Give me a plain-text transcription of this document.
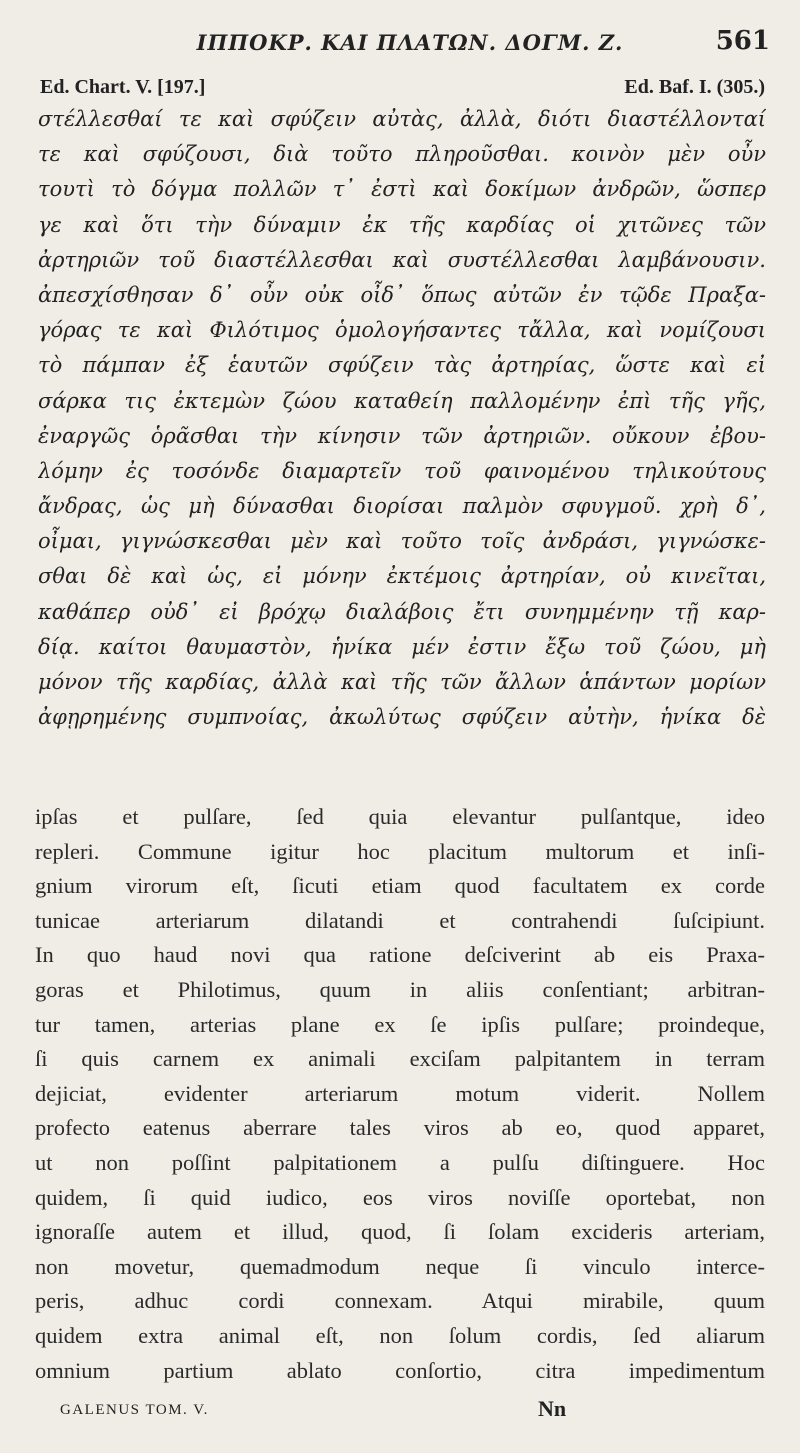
ΙΠΠΟΚΡ. ΚΑΙ ΠΛΑΤΩΝ. ΔΟΓΜ. Ζ.	561
Ed. Chart. V. [197.]	Ed. Baf. I. (305.)
στέλλεσθαί τε καὶ σφύζειν αὐτὰς, ἀλλὰ, διότι διαστέλλονταί
τε καὶ σφύζουσι, διὰ τοῦτο πληροῦσθαι. κοινὸν μὲν οὖν
τουτὶ τὸ δόγμα πολλῶν τ᾿ ἐστὶ καὶ δοκίμων ἀνδρῶν, ὥσπερ
γε καὶ ὅτι τὴν δύναμιν ἐκ τῆς καρδίας οἱ χιτῶνες τῶν
ἀρτηριῶν τοῦ διαστέλλεσθαι καὶ συστέλλεσθαι λαμβάνουσιν.
ἀπεσχίσθησαν δ᾿ οὖν οὐκ οἶδ᾿ ὅπως αὐτῶν ἐν τῷδε Πραξα-
γόρας τε καὶ Φιλότιμος ὁμολογήσαντες τἄλλα, καὶ νομίζουσι
τὸ πάμπαν ἐξ ἑαυτῶν σφύζειν τὰς ἀρτηρίας, ὥστε καὶ εἰ
σάρκα τις ἐκτεμὼν ζώου καταθείη παλλομένην ἐπὶ τῆς γῆς,
ἐναργῶς ὁρᾶσθαι τὴν κίνησιν τῶν ἀρτηριῶν. οὔκουν ἐβου-
λόμην ἐς τοσόνδε διαμαρτεῖν τοῦ φαινομένου τηλικούτους
ἄνδρας, ὡς μὴ δύνασθαι διορίσαι παλμὸν σφυγμοῦ. χρὴ δ᾿,
οἶμαι, γιγνώσκεσθαι μὲν καὶ τοῦτο τοῖς ἀνδράσι, γιγνώσκε-
σθαι δὲ καὶ ὡς, εἰ μόνην ἐκτέμοις ἀρτηρίαν, οὐ κινεῖται,
καθάπερ οὐδ᾿ εἰ βρόχῳ διαλάβοις ἔτι συνημμένην τῇ καρ-
δίᾳ. καίτοι θαυμαστὸν, ἡνίκα μέν ἐστιν ἔξω τοῦ ζώου, μὴ
μόνον τῆς καρδίας, ἀλλὰ καὶ τῆς τῶν ἄλλων ἁπάντων μορίων
ἀφῃρημένης συμπνοίας, ἀκωλύτως σφύζειν αὐτὴν, ἡνίκα δὲ
ipſas et pulſare, ſed quia elevantur pulſantque, ideo
repleri. Commune igitur hoc placitum multorum et inſi-
gnium virorum eſt, ſicuti etiam quod facultatem ex corde
tunicae arteriarum dilatandi et contrahendi ſuſcipiunt.
In quo haud novi qua ratione deſciverint ab eis Praxa-
goras et Philotimus, quum in aliis conſentiant; arbitran-
tur tamen, arterias plane ex ſe ipſis pulſare; proindeque,
ſi quis carnem ex animali exciſam palpitantem in terram
dejiciat, evidenter arteriarum motum viderit. Nollem
profecto eatenus aberrare tales viros ab eo, quod apparet,
ut non poſſint palpitationem a pulſu diſtinguere. Hoc
quidem, ſi quid iudico, eos viros noviſſe oportebat, non
ignoraſſe autem et illud, quod, ſi ſolam excideris arteriam,
non movetur, quemadmodum neque ſi vinculo interce-
peris, adhuc cordi connexam. Atqui mirabile, quum
quidem extra animal eſt, non ſolum cordis, ſed aliarum
omnium partium ablato conſortio, citra impedimentum
GALENUS TOM. V.	Nn
